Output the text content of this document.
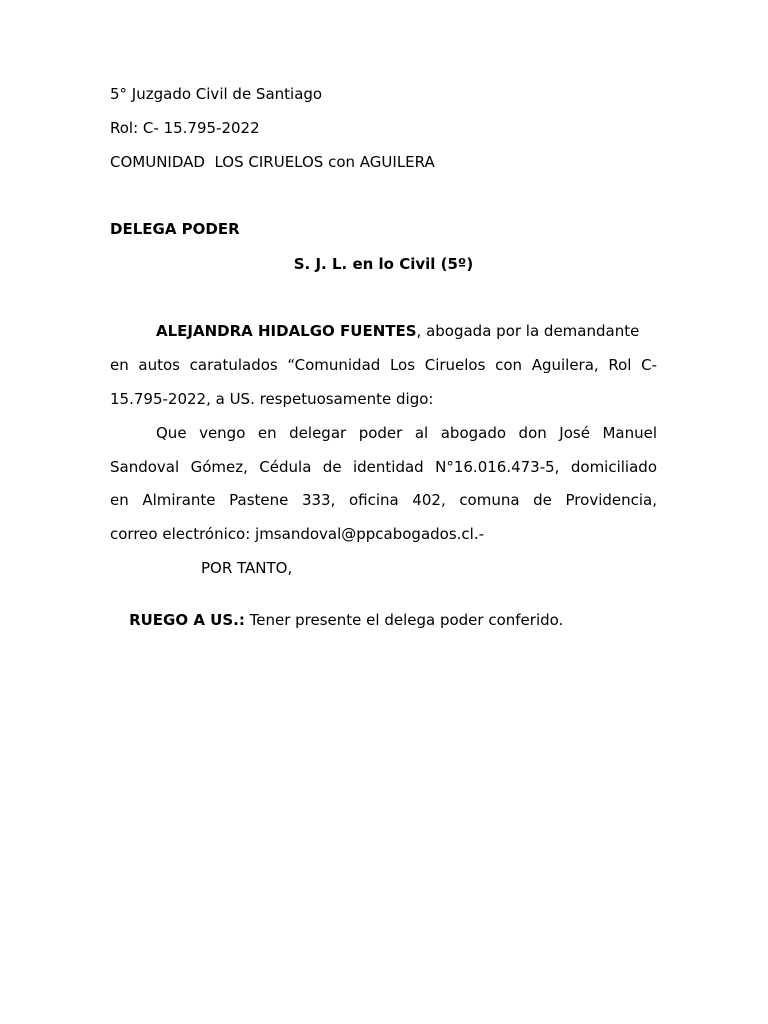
5° Juzgado Civil de Santiago
Rol: C- 15.795-2022
COMUNIDAD  LOS CIRUELOS con AGUILERA
DELEGA PODER
S. J. L. en lo Civil (5º)
ALEJANDRA HIDALGO FUENTES, abogada por la demandante
en autos caratulados “Comunidad Los Ciruelos con Aguilera, Rol C-
15.795-2022, a US. respetuosamente digo:
Que vengo en delegar poder al abogado don José Manuel
Sandoval Gómez, Cédula de identidad N°16.016.473-5, domiciliado
en Almirante Pastene 333, oficina 402, comuna de Providencia,
correo electrónico: jmsandoval@ppcabogados.cl.-
POR TANTO,

RUEGO A US.: Tener presente el delega poder conferido.
